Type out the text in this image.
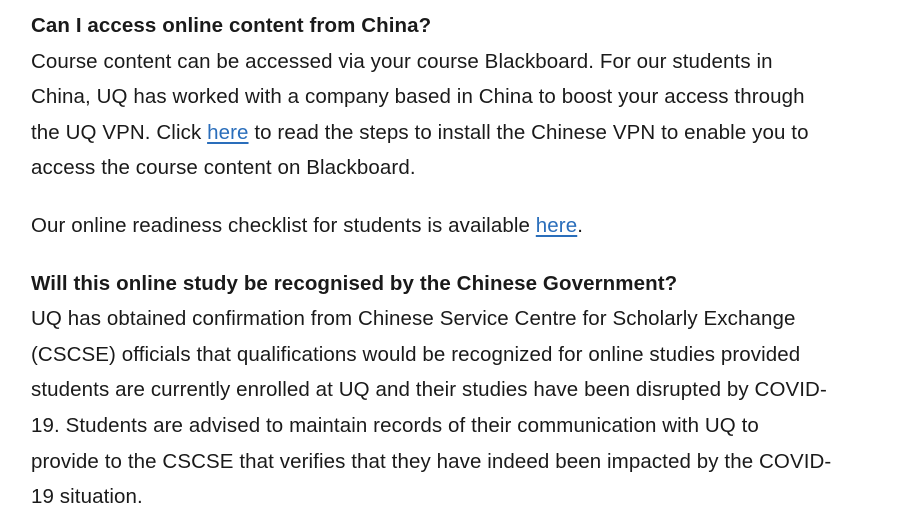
Can I access online content from China?
Course content can be accessed via your course Blackboard. For our students in
China, UQ has worked with a company based in China to boost your access through
the UQ VPN. Click here to read the steps to install the Chinese VPN to enable you to
access the course content on Blackboard.
Our online readiness checklist for students is available here.
Will this online study be recognised by the Chinese Government?
UQ has obtained confirmation from Chinese Service Centre for Scholarly Exchange
(CSCSE) officials that qualifications would be recognized for online studies provided
students are currently enrolled at UQ and their studies have been disrupted by COVID-
19. Students are advised to maintain records of their communication with UQ to
provide to the CSCSE that verifies that they have indeed been impacted by the COVID-
19 situation.
